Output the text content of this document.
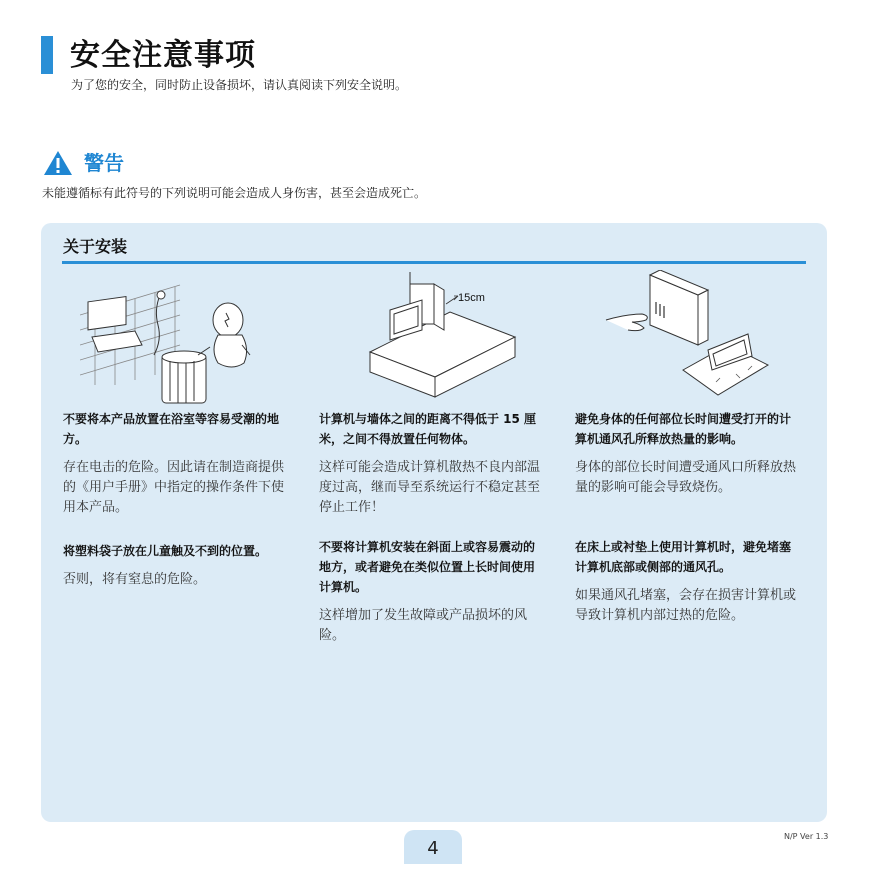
安全注意事项
为了您的安全，同时防止设备损坏，请认真阅读下列安全说明。
警告
未能遵循标有此符号的下列说明可能会造成人身伤害，甚至会造成死亡。
关于安装
15cm
不要将本产品放置在浴室等容易受潮的地方。
存在电击的危险。因此请在制造商提供的《用户手册》中指定的操作条件下使用本产品。
计算机与墙体之间的距离不得低于 15 厘米，之间不得放置任何物体。
这样可能会造成计算机散热不良内部温度过高，继而导至系统运行不稳定甚至停止工作！
避免身体的任何部位长时间遭受打开的计算机通风孔所释放热量的影响。
身体的部位长时间遭受通风口所释放热量的影响可能会导致烧伤。
将塑料袋子放在儿童触及不到的位置。
否则，将有窒息的危险。
不要将计算机安装在斜面上或容易震动的地方，或者避免在类似位置上长时间使用计算机。
这样增加了发生故障或产品损坏的风险。
在床上或衬垫上使用计算机时，避免堵塞计算机底部或侧部的通风孔。
如果通风孔堵塞，会存在损害计算机或导致计算机内部过热的危险。
4
N/P Ver 1.3
